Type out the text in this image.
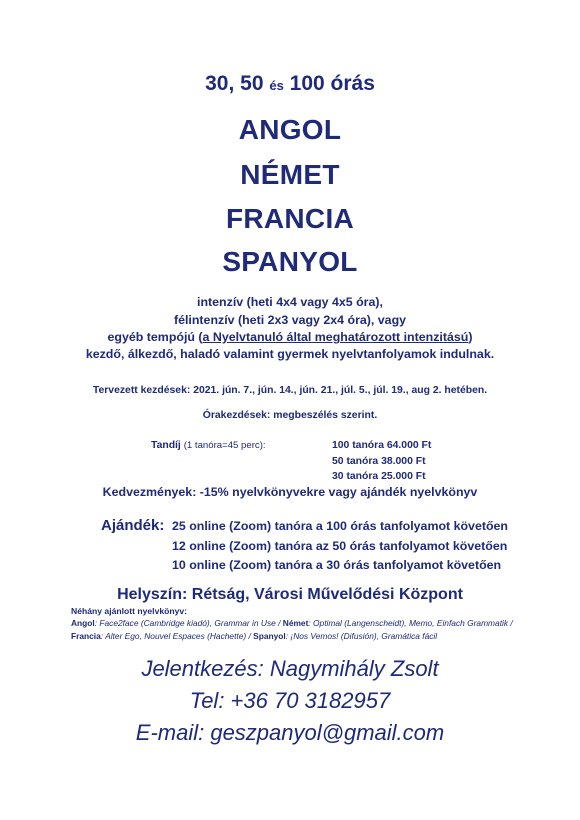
30, 50 és 100 órás
ANGOL
NÉMET
FRANCIA
SPANYOL
intenzív (heti 4x4 vagy 4x5 óra),
félintenzív (heti 2x3 vagy 2x4 óra), vagy
egyéb tempójú (a Nyelvtanuló által meghatározott intenzitású)
kezdő, álkezdő, haladó valamint gyermek nyelvtanfolyamok indulnak.
Tervezett kezdések: 2021. jún. 7., jún. 14., jún. 21., júl. 5., júl. 19., aug 2. hetében.
Órakezdések: megbeszélés szerint.
Tandíj (1 tanóra=45 perc):	100 tanóra 64.000 Ft
50 tanóra 38.000 Ft
30 tanóra 25.000 Ft
Kedvezmények: -15% nyelvkönyvekre vagy ajándék nyelvkönyv
Ajándék: 25 online (Zoom) tanóra a 100 órás tanfolyamot követően
12 online (Zoom) tanóra az 50 órás tanfolyamot követően
10 online (Zoom) tanóra a 30 órás tanfolyamot követően
Helyszín: Rétság, Városi Művelődési Központ
Néhány ajánlott nyelvkönyv:
Angol: Face2face (Cambridge kiadó), Grammar in Use / Német: Optimal (Langenscheidt), Memo, Einfach Grammatik /
Francia: Alter Ego, Nouvel Espaces (Hachette) / Spanyol: ¡Nos Vemos! (Difusión), Gramática fácil
Jelentkezés: Nagymihály Zsolt
Tel: +36 70 3182957
E-mail: geszpanyol@gmail.com
